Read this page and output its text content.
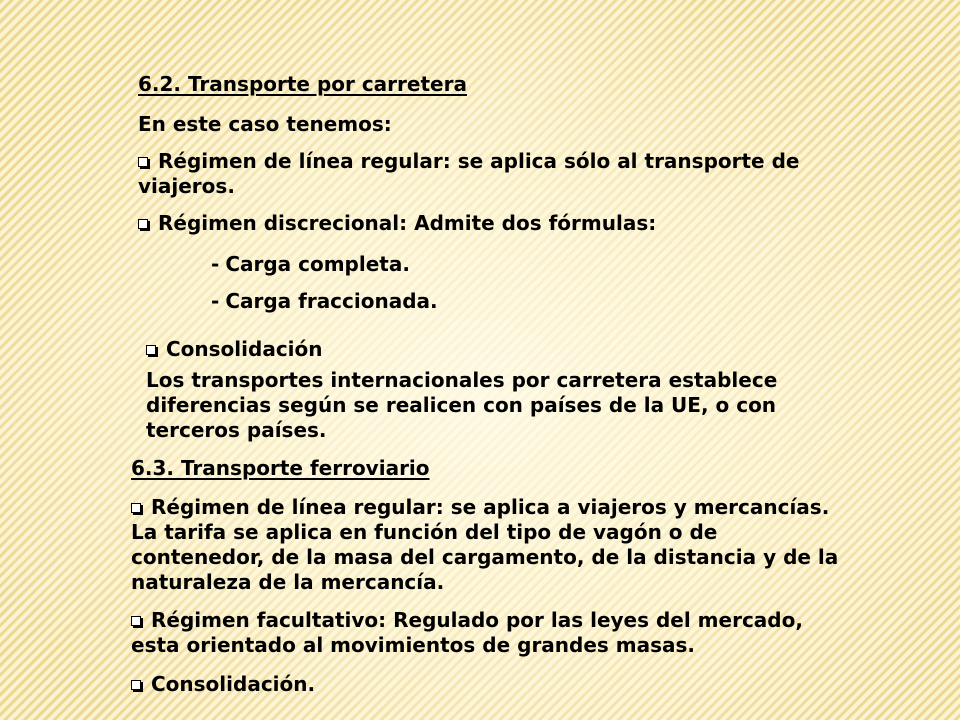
6.2. Transporte por carretera

En este caso tenemos:

Régimen de línea regular: se aplica sólo al transporte de

viajeros.

Régimen discrecional: Admite dos fórmulas:

- Carga completa.

- Carga fraccionada.

Consolidación

Los transportes internacionales por carretera establece

diferencias según se realicen con países de la UE, o con

terceros países.

6.3. Transporte ferroviario

Régimen de línea regular: se aplica a viajeros y mercancías.

La tarifa se aplica en función del tipo de vagón o de

contenedor, de la masa del cargamento, de la distancia y de la

naturaleza de la mercancía.

Régimen facultativo: Regulado por las leyes del mercado,

esta orientado al movimientos de grandes masas.

Consolidación.
